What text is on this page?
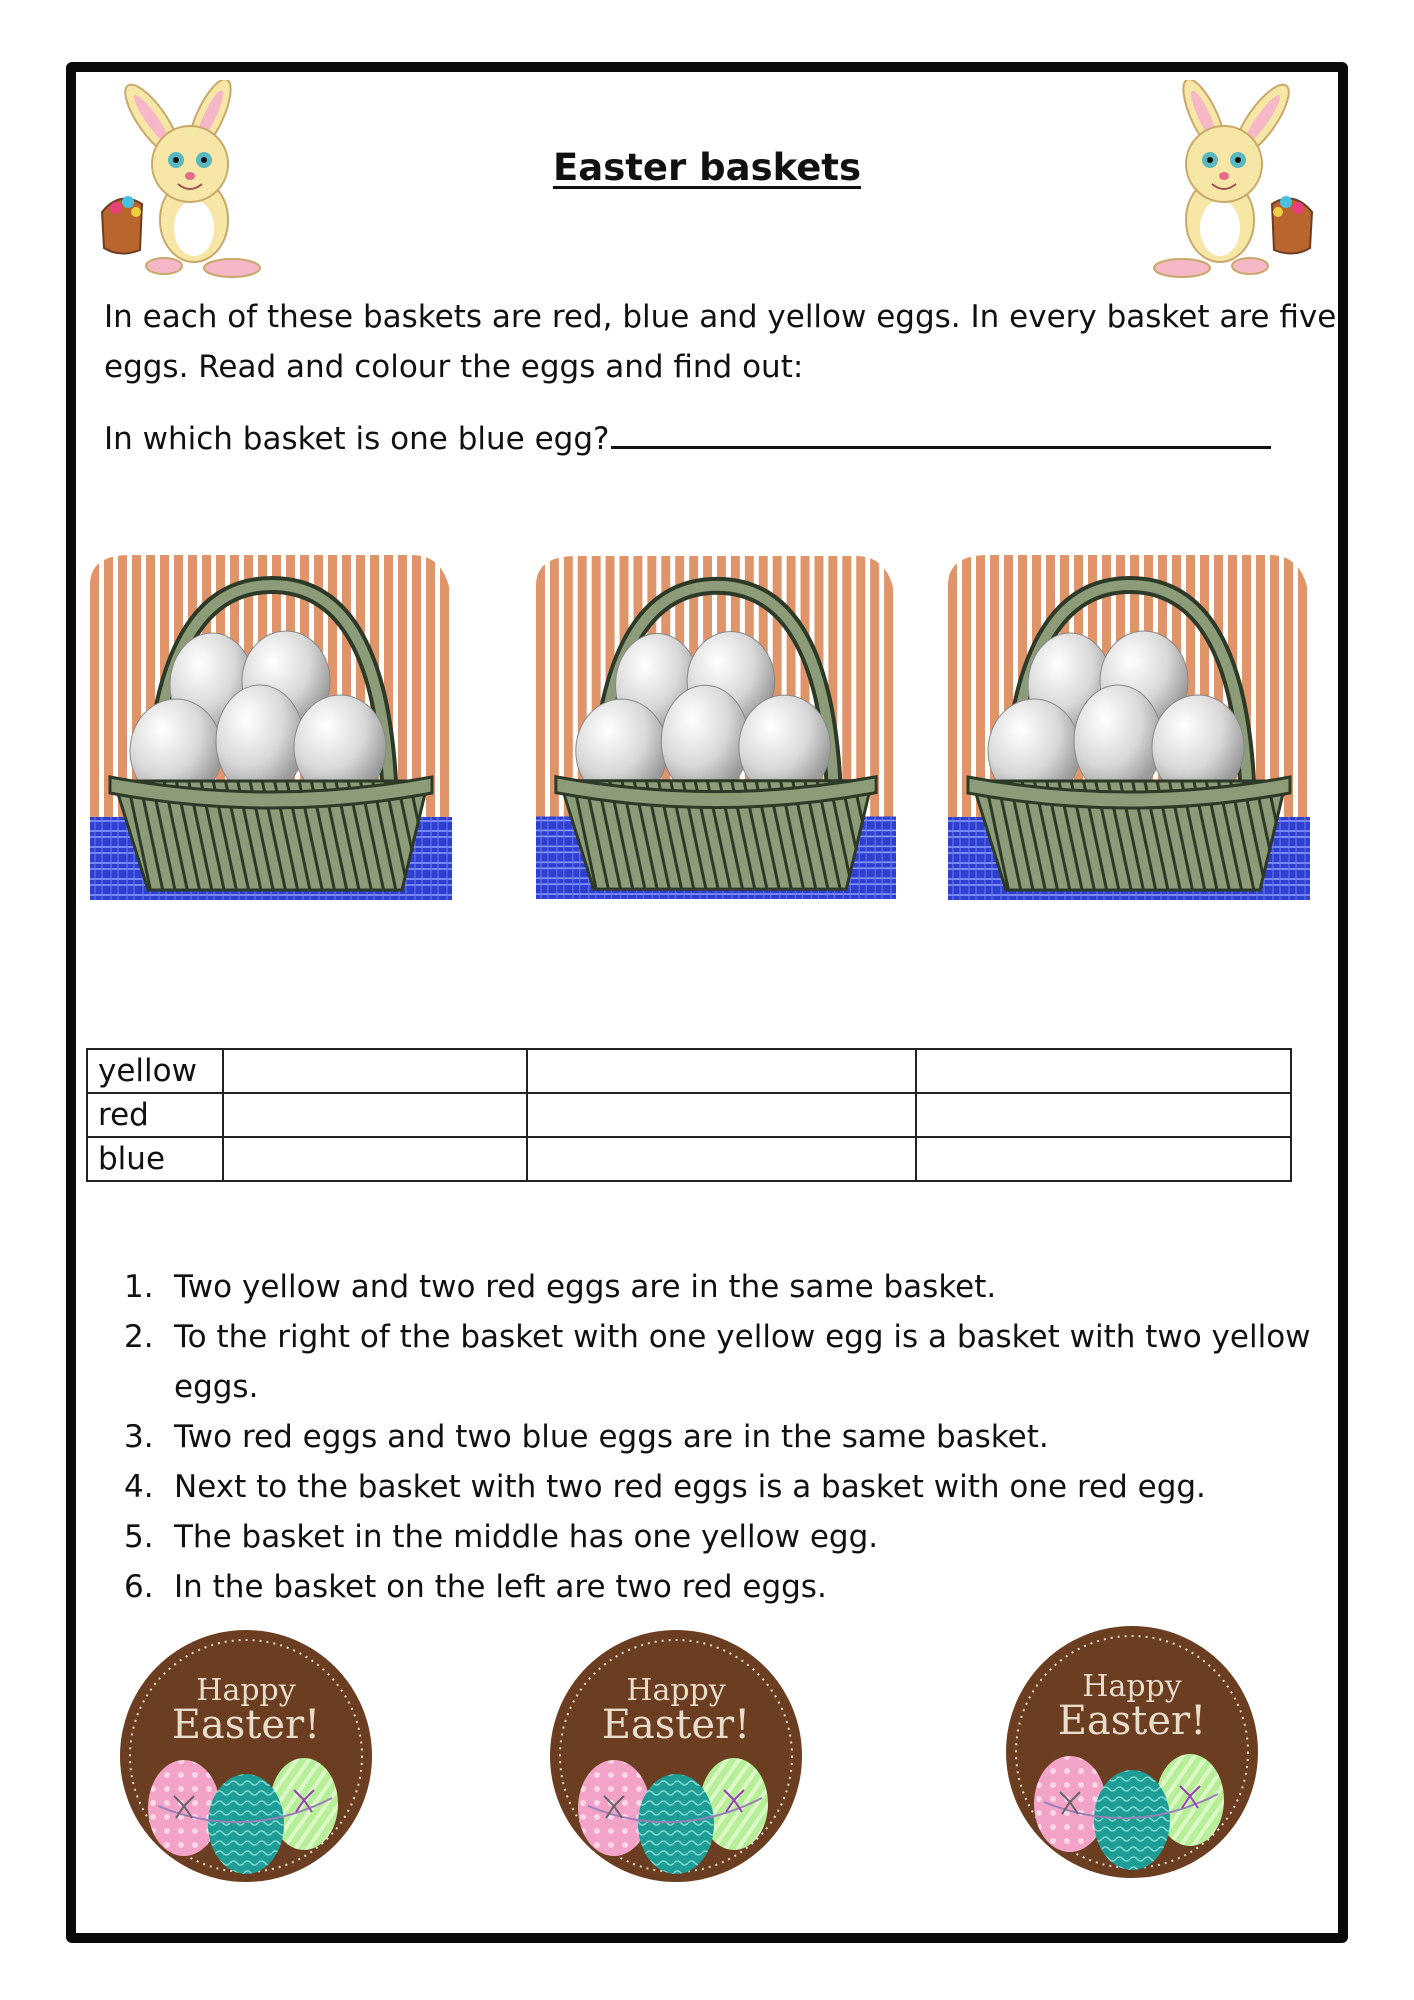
Easter baskets
In each of these baskets are red, blue and yellow eggs. In every basket are five eggs. Read and colour the eggs and find out:
In which basket is one blue egg?
yellow			
red			
blue			
1. Two yellow and two red eggs are in the same basket.
2. To the right of the basket with one yellow egg is a basket with two yellow eggs.
3. Two red eggs and two blue eggs are in the same basket.
4. Next to the basket with two red eggs is a basket with one red egg.
5. The basket in the middle has one yellow egg.
6. In the basket on the left are two red eggs.
Happy
Easter!
Happy
Easter!
Happy
Easter!
